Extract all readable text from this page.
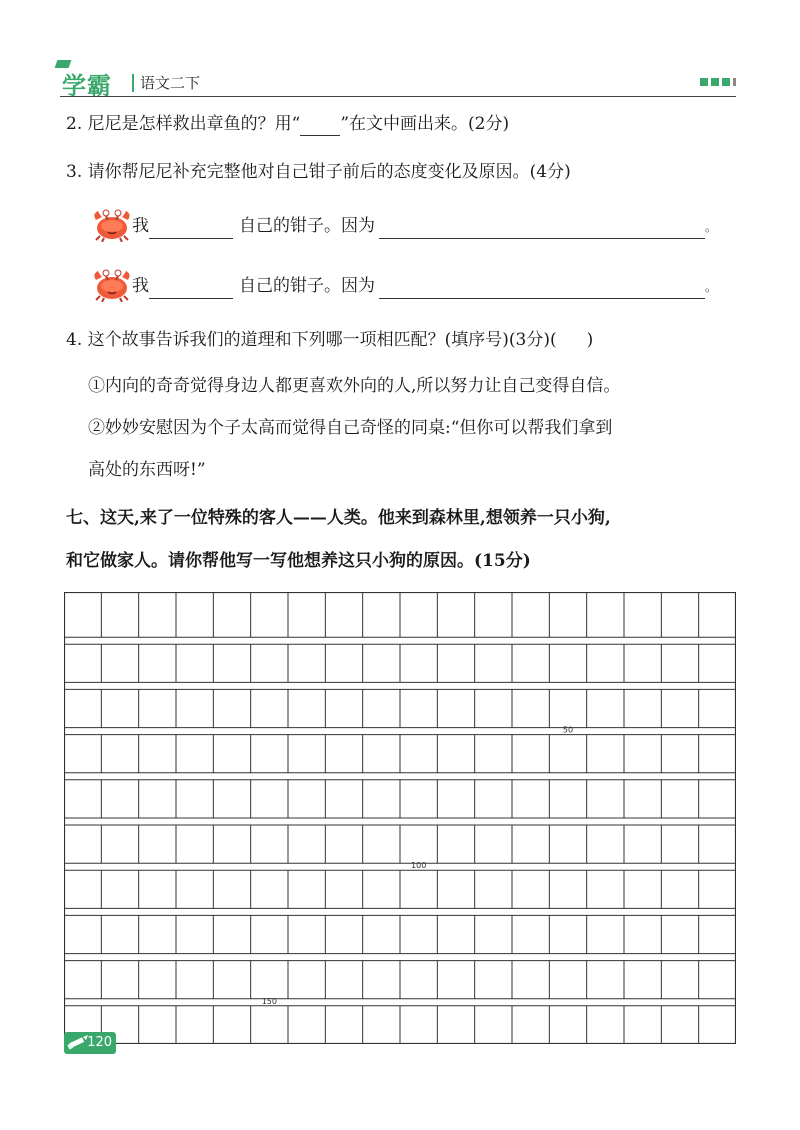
学霸	语文二下
2. 尼尼是怎样救出章鱼的？用“ ”在文中画出来。(2分)
3. 请你帮尼尼补充完整他对自己钳子前后的态度变化及原因。(4分)
我	自己的钳子。因为	。
我	自己的钳子。因为	。
4. 这个故事告诉我们的道理和下列哪一项相匹配？(填序号)(3分)( )
①内向的奇奇觉得身边人都更喜欢外向的人,所以努力让自己变得自信。
②妙妙安慰因为个子太高而觉得自己奇怪的同桌:“但你可以帮我们拿到
高处的东西呀!”
七、这天,来了一位特殊的客人——人类。他来到森林里,想领养一只小狗,
和它做家人。请你帮他写一写他想养这只小狗的原因。(15分)
50
100
150
120
